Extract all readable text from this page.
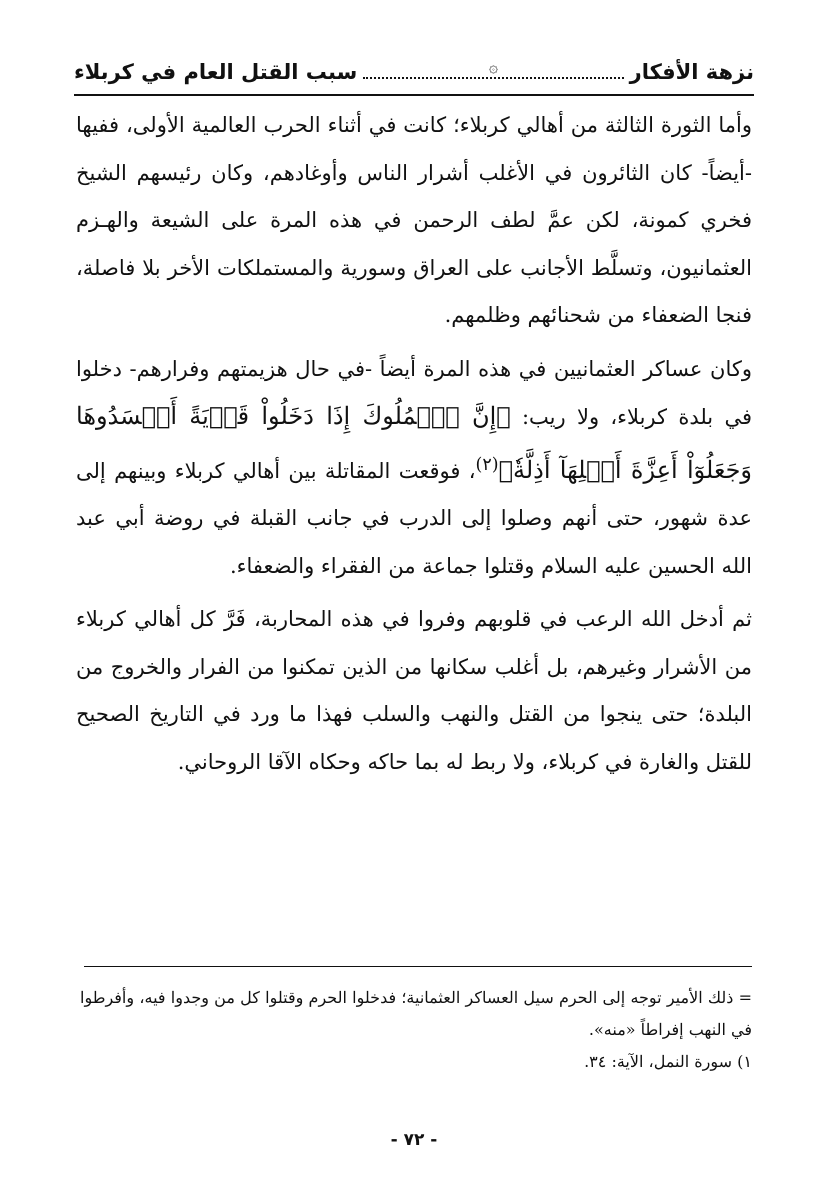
نزهة الأفكار
۞
سبب القتل العام في كربلاء

وأما الثورة الثالثة من أهالي كربلاء؛ كانت في أثناء الحرب العالمية الأولى، ففيها -أيضاً- كان الثائرون في الأغلب أشرار الناس وأوغادهم، وكان رئيسهم الشيخ فخري كمونة، لكن عمَّ لطف الرحمن في هذه المرة على الشيعة والهـزم العثمانيون، وتسلَّط الأجانب على العراق وسورية والمستملكات الأخر بلا فاصلة، فنجا الضعفاء من شحنائهم وظلمهم.

وكان عساكر العثمانيين في هذه المرة أيضاً -في حال هزيمتهم وفرارهم- دخلوا في بلدة كربلاء، ولا ريب: ﴿إِنَّ ٱلۡمُلُوكَ إِذَا دَخَلُواْ قَرۡيَةً أَفۡسَدُوهَا وَجَعَلُوٓاْ أَعِزَّةَ أَهۡلِهَآ أَذِلَّةٗ﴾$^{(٢)}$، فوقعت المقاتلة بين أهالي كربلاء وبينهم إلى عدة شهور، حتى أنهم وصلوا إلى الدرب في جانب القبلة في روضة أبي عبد الله الحسين عليه السلام وقتلوا جماعة من الفقراء والضعفاء.

ثم أدخل الله الرعب في قلوبهم وفروا في هذه المحاربة، فَرَّ كل أهالي كربلاء من الأشرار وغيرهم، بل أغلب سكانها من الذين تمكنوا من الفرار والخروج من البلدة؛ حتى ينجوا من القتل والنهب والسلب فهذا ما ورد في التاريخ الصحيح للقتل والغارة في كربلاء، ولا ربط له بما حاكه وحكاه الآقا الروحاني.

= ذلك الأمير توجه إلى الحرم سيل العساكر العثمانية؛ فدخلوا الحرم وقتلوا كل من وجدوا فيه، وأفرطوا في النهب إفراطاً «منه».

١) سورة النمل، الآية: ٣٤.

- ٧٢ -
